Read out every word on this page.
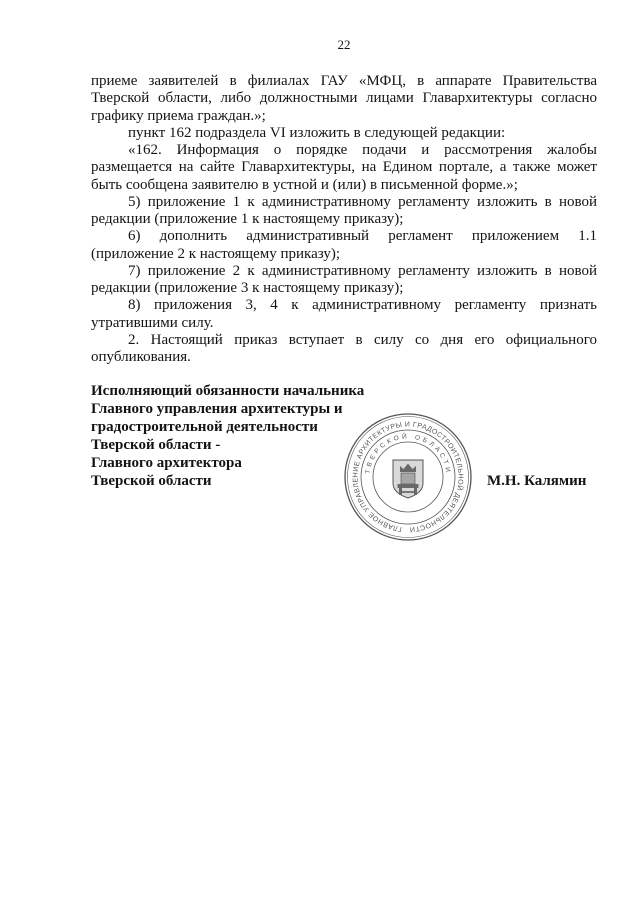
22
приеме заявителей в филиалах ГАУ «МФЦ, в аппарате Правительства
Тверской области, либо должностными лицами Главархитектуры согласно
графику приема граждан.»;
пункт 162 подраздела VI изложить в следующей редакции:
«162. Информация о порядке подачи и рассмотрения жалобы
размещается на сайте Главархитектуры, на Едином портале, а также может
быть сообщена заявителю в устной и (или) в письменной форме.»;
5) приложение 1 к административному регламенту изложить в новой
редакции (приложение 1 к настоящему приказу);
6) дополнить административный регламент приложением 1.1
(приложение 2 к настоящему приказу);
7) приложение 2 к административному регламенту изложить в новой
редакции (приложение 3 к настоящему приказу);
8) приложения 3, 4 к административному регламенту признать
утратившими силу.
2. Настоящий приказ вступает в силу со дня его официального
опубликования.
Исполняющий обязанности начальника
Главного управления архитектуры и
градостроительной деятельности
Тверской области -
Главного архитектора
Тверской области	М.Н. Калямин
ГЛАВНОЕ УПРАВЛЕНИЕ АРХИТЕКТУРЫ И ГРАДОСТРОИТЕЛЬНОЙ ДЕЯТЕЛЬНОСТИ
ТВЕРСКОЙ ОБЛАСТИ
